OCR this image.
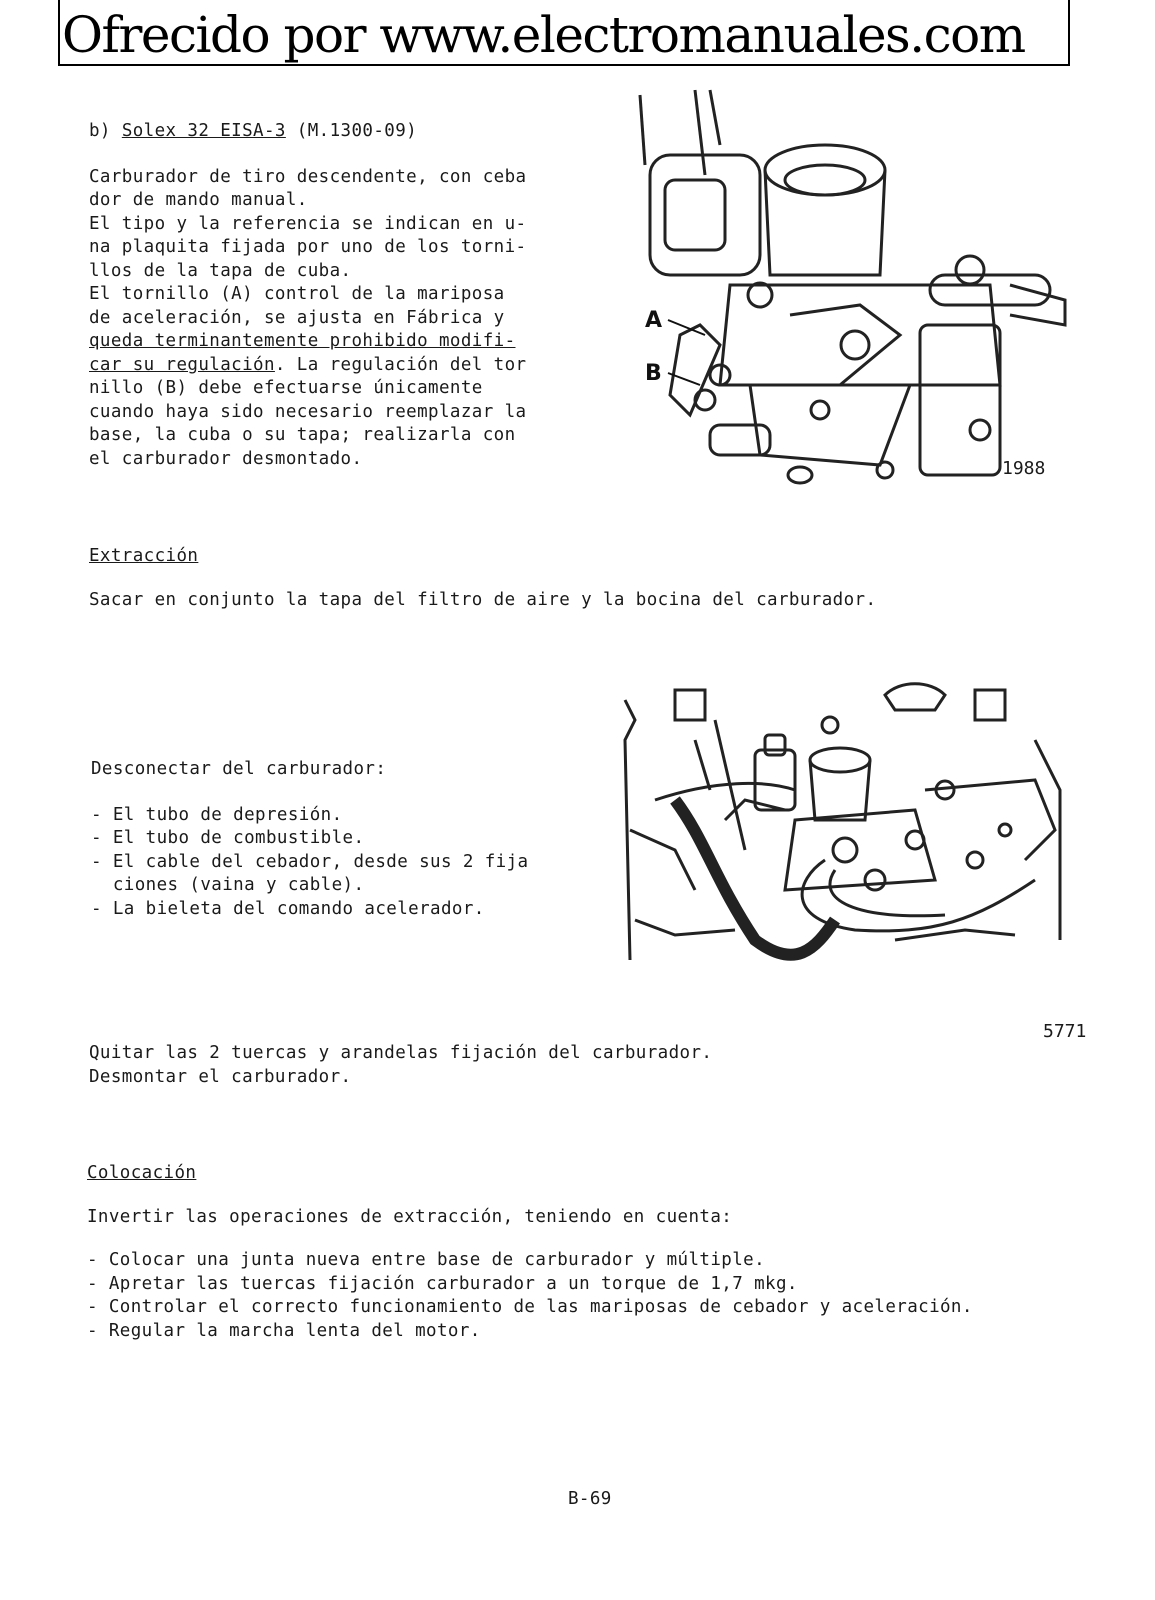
Ofrecido por www.electromanuales.com
b) Solex 32 EISA-3 (M.1300-09)
Carburador de tiro descendente, con ceba
dor de mando manual.
El tipo y la referencia se indican en u-
na plaquita fijada por uno de los torni-
llos de la tapa de cuba.
El tornillo (A) control de la mariposa
de aceleración, se ajusta en Fábrica y
queda terminantemente prohibido modifi-
car su regulación. La regulación del tor
nillo (B) debe efectuarse únicamente
cuando haya sido necesario reemplazar la
base, la cuba o su tapa; realizarla con
el carburador desmontado.
A
B
1988
Extracción
Sacar en conjunto la tapa del filtro de aire y la bocina del carburador.
Desconectar del carburador:
- El tubo de depresión.
- El tubo de combustible.
- El cable del cebador, desde sus 2 fija
ciones (vaina y cable).
- La bieleta del comando acelerador.
5771
Quitar las 2 tuercas y arandelas fijación del carburador.
Desmontar el carburador.
Colocación
Invertir las operaciones de extracción, teniendo en cuenta:
- Colocar una junta nueva entre base de carburador y múltiple.
- Apretar las tuercas fijación carburador a un torque de 1,7 mkg.
- Controlar el correcto funcionamiento de las mariposas de cebador y aceleración.
- Regular la marcha lenta del motor.
B-69
